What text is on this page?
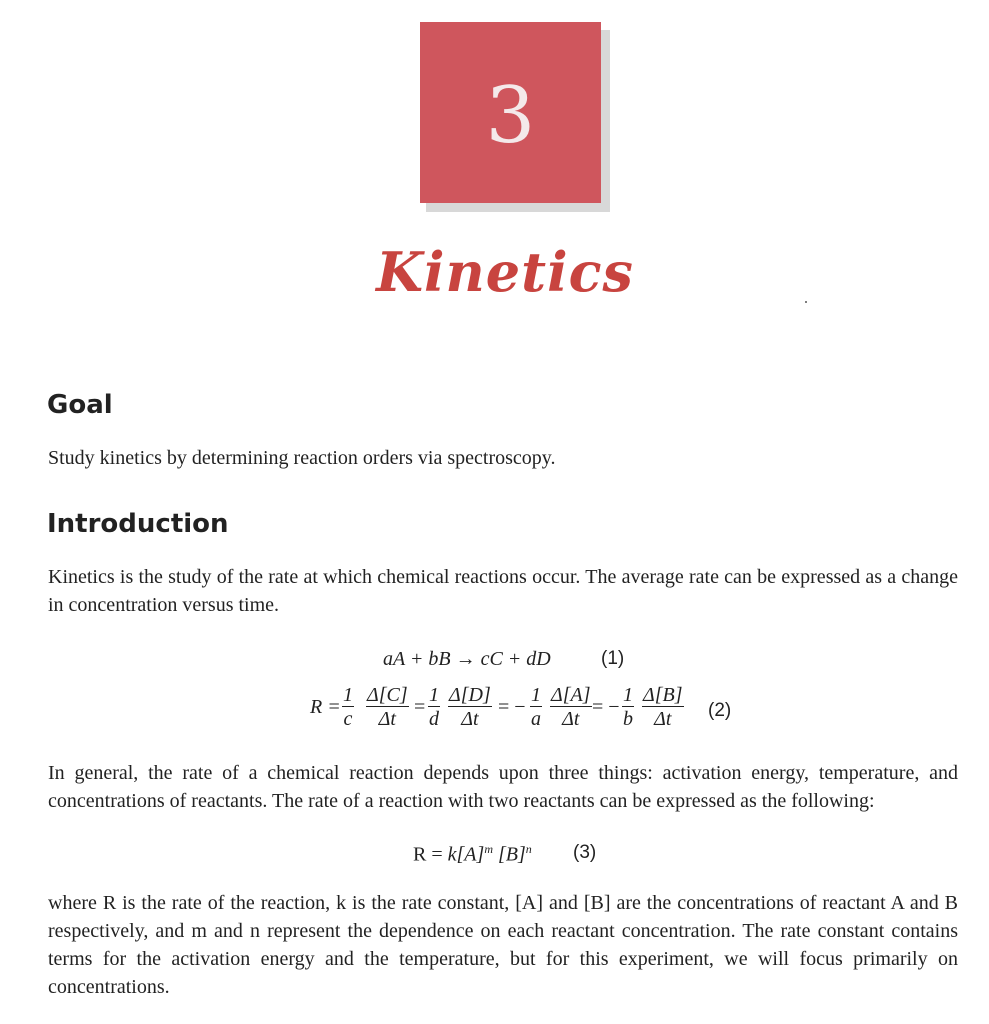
3
Kinetics
Goal

Study kinetics by determining reaction orders via spectroscopy.

Introduction

Kinetics is the study of the rate at which chemical reactions occur. The average rate can be expressed as a change in concentration versus time.

aA + bB → cC + dD	(1)
$R = \frac{1}{c} \frac{\Delta[C]}{\Delta t} = \frac{1}{d} \frac{\Delta[D]}{\Delta t}$ = − $\frac{1}{a} \frac{\Delta[A]}{\Delta t}$ = − $\frac{1}{b} \frac{\Delta[B]}{\Delta t} (2)$

In general, the rate of a chemical reaction depends upon three things: activation energy, temperature, and concentrations of reactants. The rate of a reaction with two reactants can be expressed as the following:

$R = k[A]^m$ $[B]^n$ (3)

where R is the rate of the reaction, k is the rate constant, [A] and [B] are the concentrations of reactant A and B respectively, and m and n represent the dependence on each reactant concentration. The rate constant contains terms for the activation energy and the temperature, but for this experiment, we will focus primarily on concentrations.
